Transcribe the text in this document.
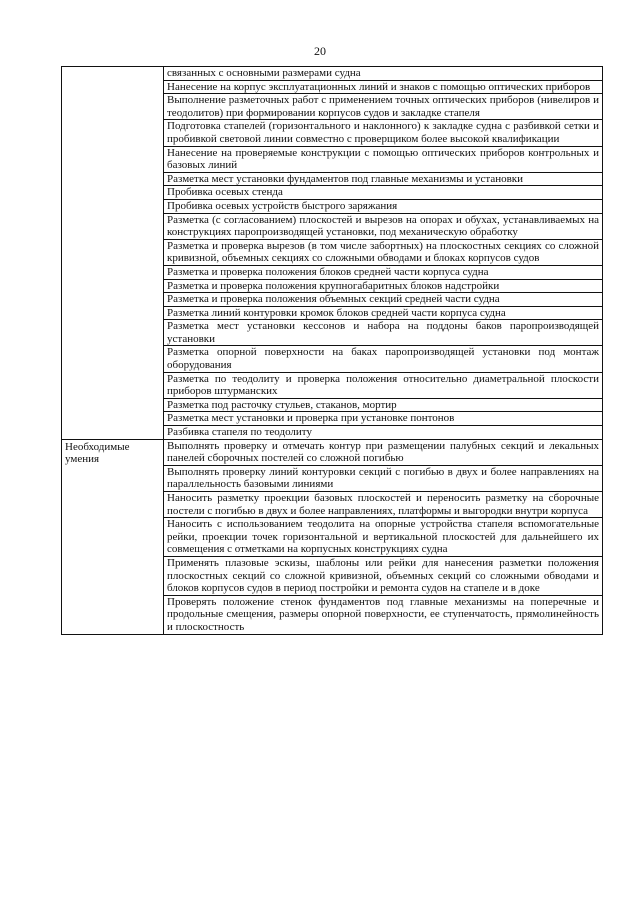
20
	связанных с основными размерами судна
	Нанесение на корпус эксплуатационных линий и знаков с помощью оптических приборов
	Выполнение разметочных работ с применением точных оптических приборов (нивелиров и теодолитов) при формировании корпусов судов и закладке стапеля
	Подготовка стапелей (горизонтального и наклонного) к закладке судна с разбивкой сетки и пробивкой световой линии совместно с проверщиком более высокой квалификации
	Нанесение на проверяемые конструкции с помощью оптических приборов контрольных и базовых линий
	Разметка мест установки фундаментов под главные механизмы и установки
	Пробивка осевых стенда
	Пробивка осевых устройств быстрого заряжания
	Разметка (с согласованием) плоскостей и вырезов на опорах и обухах, устанавливаемых на конструкциях паропроизводящей установки, под механическую обработку
	Разметка и проверка вырезов (в том числе забортных) на плоскостных секциях со сложной кривизной, объемных секциях со сложными обводами и блоках корпусов судов
	Разметка и проверка положения блоков средней части корпуса судна
	Разметка и проверка положения крупногабаритных блоков надстройки
	Разметка и проверка положения объемных секций средней части судна
	Разметка линий контуровки кромок блоков средней части корпуса судна
	Разметка мест установки кессонов и набора на поддоны баков паропроизводящей установки
	Разметка опорной поверхности на баках паропроизводящей установки под монтаж оборудования
	Разметка по теодолиту и проверка положения относительно диаметральной плоскости приборов штурманских
	Разметка под расточку стульев, стаканов, мортир
	Разметка мест установки и проверка при установке понтонов
	Разбивка стапеля по теодолиту
Необходимые умения	Выполнять проверку и отмечать контур при размещении палубных секций и лекальных панелей сборочных постелей со сложной погибью
	Выполнять проверку линий контуровки секций с погибью в двух и более направлениях на параллельность базовыми линиями
	Наносить разметку проекции базовых плоскостей и переносить разметку на сборочные постели с погибью в двух и более направлениях, платформы и выгородки внутри корпуса
	Наносить с использованием теодолита на опорные устройства стапеля вспомогательные рейки, проекции точек горизонтальной и вертикальной плоскостей для дальнейшего их совмещения с отметками на корпусных конструкциях судна
	Применять плазовые эскизы, шаблоны или рейки для нанесения разметки положения плоскостных секций со сложной кривизной, объемных секций со сложными обводами и блоков корпусов судов в период постройки и ремонта судов на стапеле и в доке
	Проверять положение стенок фундаментов под главные механизмы на поперечные и продольные смещения, размеры опорной поверхности, ее ступенчатость, прямолинейность и плоскостность
